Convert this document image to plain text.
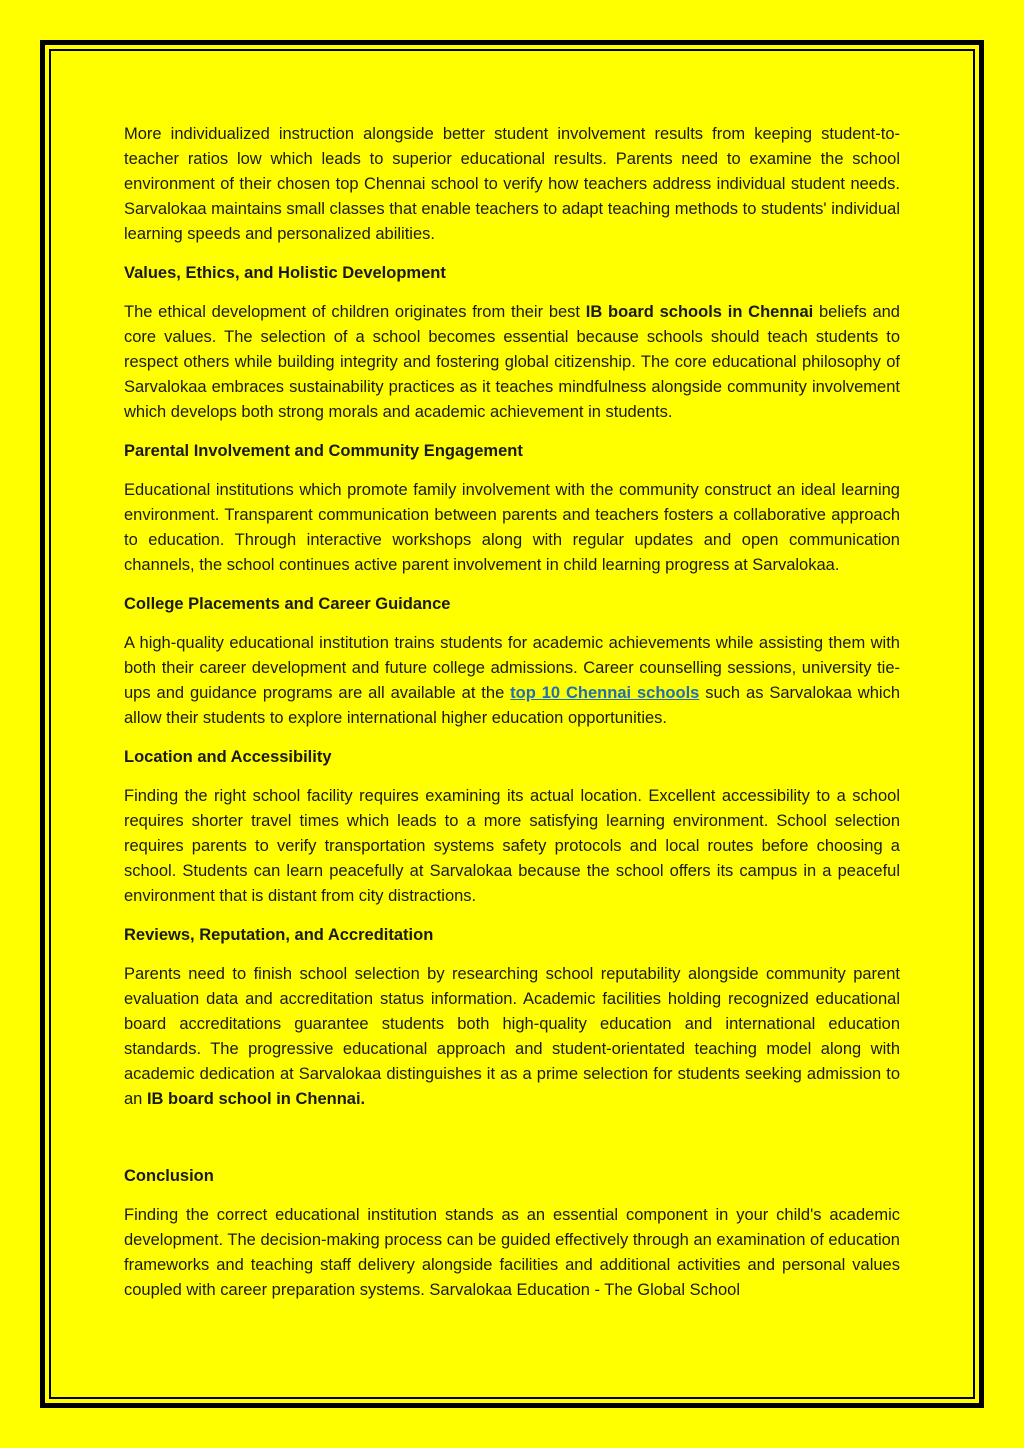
More individualized instruction alongside better student involvement results from keeping student-to-teacher ratios low which leads to superior educational results. Parents need to examine the school environment of their chosen top Chennai school to verify how teachers address individual student needs. Sarvalokaa maintains small classes that enable teachers to adapt teaching methods to students' individual learning speeds and personalized abilities.

Values, Ethics, and Holistic Development

The ethical development of children originates from their best IB board schools in Chennai beliefs and core values. The selection of a school becomes essential because schools should teach students to respect others while building integrity and fostering global citizenship. The core educational philosophy of Sarvalokaa embraces sustainability practices as it teaches mindfulness alongside community involvement which develops both strong morals and academic achievement in students.

Parental Involvement and Community Engagement

Educational institutions which promote family involvement with the community construct an ideal learning environment. Transparent communication between parents and teachers fosters a collaborative approach to education. Through interactive workshops along with regular updates and open communication channels, the school continues active parent involvement in child learning progress at Sarvalokaa.

College Placements and Career Guidance

A high-quality educational institution trains students for academic achievements while assisting them with both their career development and future college admissions. Career counselling sessions, university tie-ups and guidance programs are all available at the top 10 Chennai schools such as Sarvalokaa which allow their students to explore international higher education opportunities.

Location and Accessibility

Finding the right school facility requires examining its actual location. Excellent accessibility to a school requires shorter travel times which leads to a more satisfying learning environment. School selection requires parents to verify transportation systems safety protocols and local routes before choosing a school. Students can learn peacefully at Sarvalokaa because the school offers its campus in a peaceful environment that is distant from city distractions.

Reviews, Reputation, and Accreditation

Parents need to finish school selection by researching school reputability alongside community parent evaluation data and accreditation status information. Academic facilities holding recognized educational board accreditations guarantee students both high-quality education and international education standards. The progressive educational approach and student-orientated teaching model along with academic dedication at Sarvalokaa distinguishes it as a prime selection for students seeking admission to an IB board school in Chennai.

Conclusion

Finding the correct educational institution stands as an essential component in your child's academic development. The decision-making process can be guided effectively through an examination of education frameworks and teaching staff delivery alongside facilities and additional activities and personal values coupled with career preparation systems. Sarvalokaa Education - The Global School
